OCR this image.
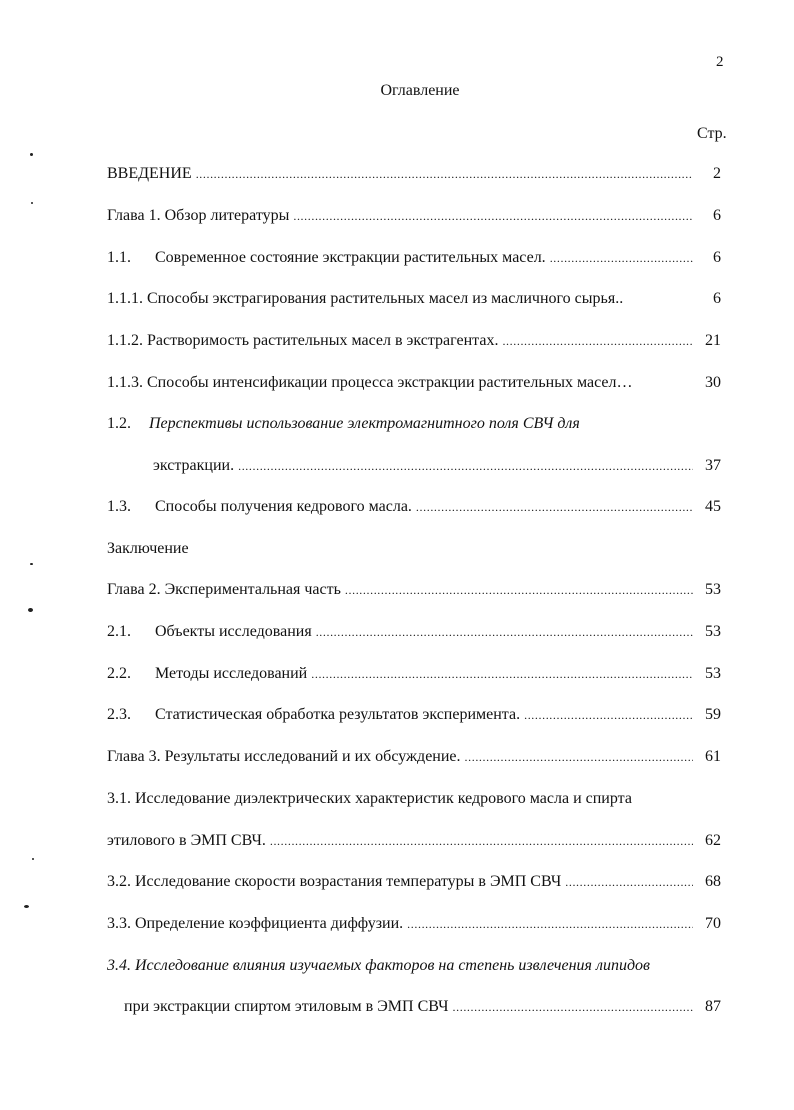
2
Оглавление
Стр.
ВВЕДЕНИЕ .....	2
Глава 1. Обзор литературы .....	6
1.1.	Современное состояние экстракции растительных масел. .....	6
1.1.1. Способы экстрагирования растительных масел из масличного сырья..	6
1.1.2. Растворимость растительных масел в экстрагентах. .....	21
1.1.3. Способы интенсификации процесса экстракции растительных масел…	30
1.2.	Перспективы использование электромагнитного поля СВЧ для
экстракции. .....	37
1.3.	Способы получения кедрового масла. .....	45
Заключение
Глава 2. Экспериментальная часть .....	53
2.1.	Объекты исследования .....	53
2.2.	Методы исследований .....	53
2.3.	Статистическая обработка результатов эксперимента. .....	59
Глава 3. Результаты исследований и их обсуждение. .....	61
3.1. Исследование диэлектрических характеристик кедрового масла и спирта
этилового в ЭМП СВЧ. .....	62
3.2. Исследование скорости возрастания температуры в ЭМП СВЧ .....	68
3.3. Определение коэффициента диффузии. .....	70
3.4. Исследование влияния изучаемых факторов на степень извлечения липидов
при экстракции спиртом этиловым в ЭМП СВЧ .....	87
